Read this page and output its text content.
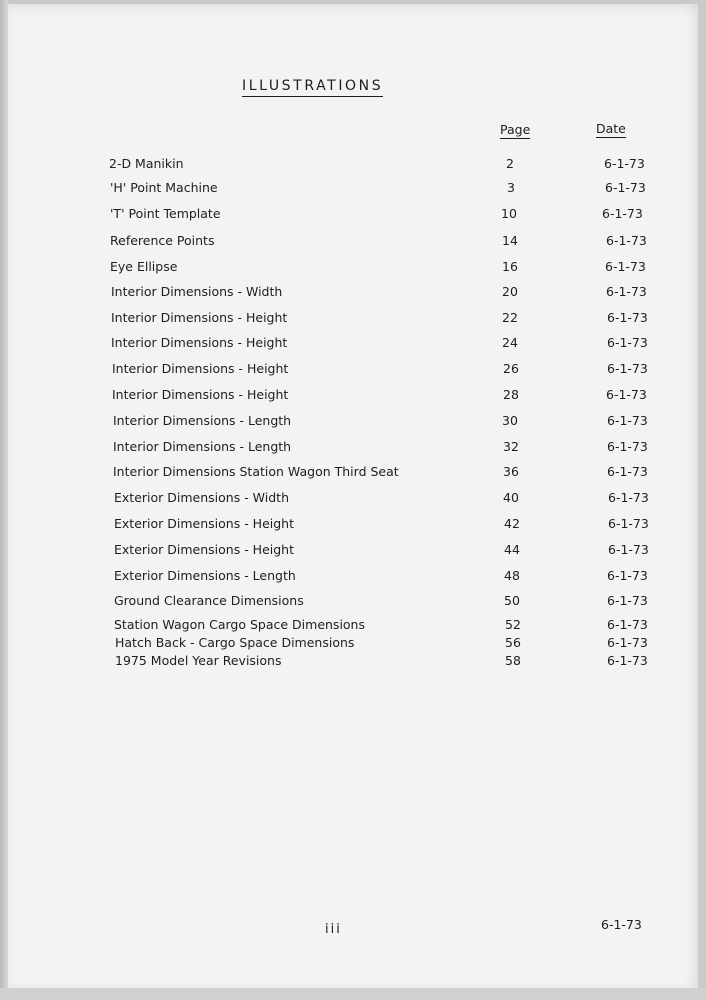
ILLUSTRATIONS
Page	Date
2-D Manikin	2	6-1-73
'H' Point Machine	3	6-1-73
'T' Point Template	10	6-1-73
Reference Points	14	6-1-73
Eye Ellipse	16	6-1-73
Interior Dimensions - Width	20	6-1-73
Interior Dimensions - Height	22	6-1-73
Interior Dimensions - Height	24	6-1-73
Interior Dimensions - Height	26	6-1-73
Interior Dimensions - Height	28	6-1-73
Interior Dimensions - Length	30	6-1-73
Interior Dimensions - Length	32	6-1-73
Interior Dimensions Station Wagon Third Seat	36	6-1-73
Exterior Dimensions - Width	40	6-1-73
Exterior Dimensions - Height	42	6-1-73
Exterior Dimensions - Height	44	6-1-73
Exterior Dimensions - Length	48	6-1-73
Ground Clearance Dimensions	50	6-1-73
Station Wagon Cargo Space Dimensions	52	6-1-73
Hatch Back - Cargo Space Dimensions	56	6-1-73
1975 Model Year Revisions	58	6-1-73
iii	6-1-73
